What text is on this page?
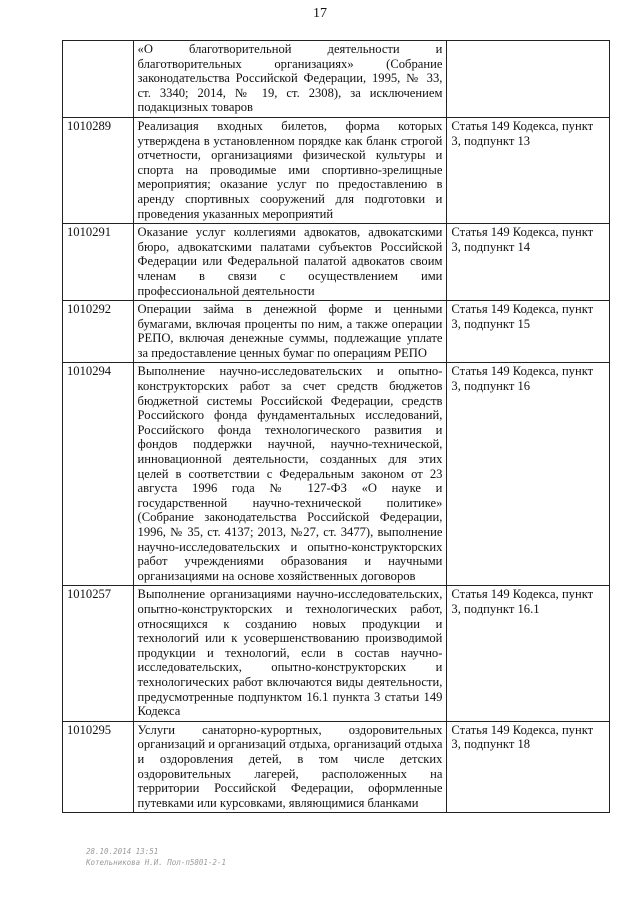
17
	«О благотворительной деятельности и благотворительных организациях» (Собрание законодательства Российской Федерации, 1995, № 33, ст. 3340; 2014, № 19, ст. 2308), за исключением подакцизных товаров	
1010289	Реализация входных билетов, форма которых утверждена в установленном порядке как бланк строгой отчетности, организациями физической культуры и спорта на проводимые ими спортивно-зрелищные мероприятия; оказание услуг по предоставлению в аренду спортивных сооружений для подготовки и проведения указанных мероприятий	Статья 149 Кодекса, пункт 3, подпункт 13
1010291	Оказание услуг коллегиями адвокатов, адвокатскими бюро, адвокатскими палатами субъектов Российской Федерации или Федеральной палатой адвокатов своим членам в связи с осуществлением ими профессиональной деятельности	Статья 149 Кодекса, пункт 3, подпункт 14
1010292	Операции займа в денежной форме и ценными бумагами, включая проценты по ним, а также операции РЕПО, включая денежные суммы, подлежащие уплате за предоставление ценных бумаг по операциям РЕПО	Статья 149 Кодекса, пункт 3, подпункт 15
1010294	Выполнение научно-исследовательских и опытно-конструкторских работ за счет средств бюджетов бюджетной системы Российской Федерации, средств Российского фонда фундаментальных исследований, Российского фонда технологического развития и фондов поддержки научной, научно-технической, инновационной деятельности, созданных для этих целей в соответствии с Федеральным законом от 23 августа 1996 года № 127-ФЗ «О науке и государственной научно-технической политике» (Собрание законодательства Российской Федерации, 1996, № 35, ст. 4137; 2013, №27, ст. 3477), выполнение научно-исследовательских и опытно-конструкторских работ учреждениями образования и научными организациями на основе хозяйственных договоров	Статья 149 Кодекса, пункт 3, подпункт 16
1010257	Выполнение организациями научно-исследовательских, опытно-конструкторских и технологических работ, относящихся к созданию новых продукции и технологий или к усовершенствованию производимой продукции и технологий, если в состав научно-исследовательских, опытно-конструкторских и технологических работ включаются виды деятельности, предусмотренные подпунктом 16.1 пункта 3 статьи 149 Кодекса	Статья 149 Кодекса, пункт 3, подпункт 16.1
1010295	Услуги санаторно-курортных, оздоровительных организаций и организаций отдыха, организаций отдыха и оздоровления детей, в том числе детских оздоровительных лагерей, расположенных на территории Российской Федерации, оформленные путевками или курсовками, являющимися бланками	Статья 149 Кодекса, пункт 3, подпункт 18
28.10.2014 13:51
Котельникова Н.И. Пол-п5801-2-1
